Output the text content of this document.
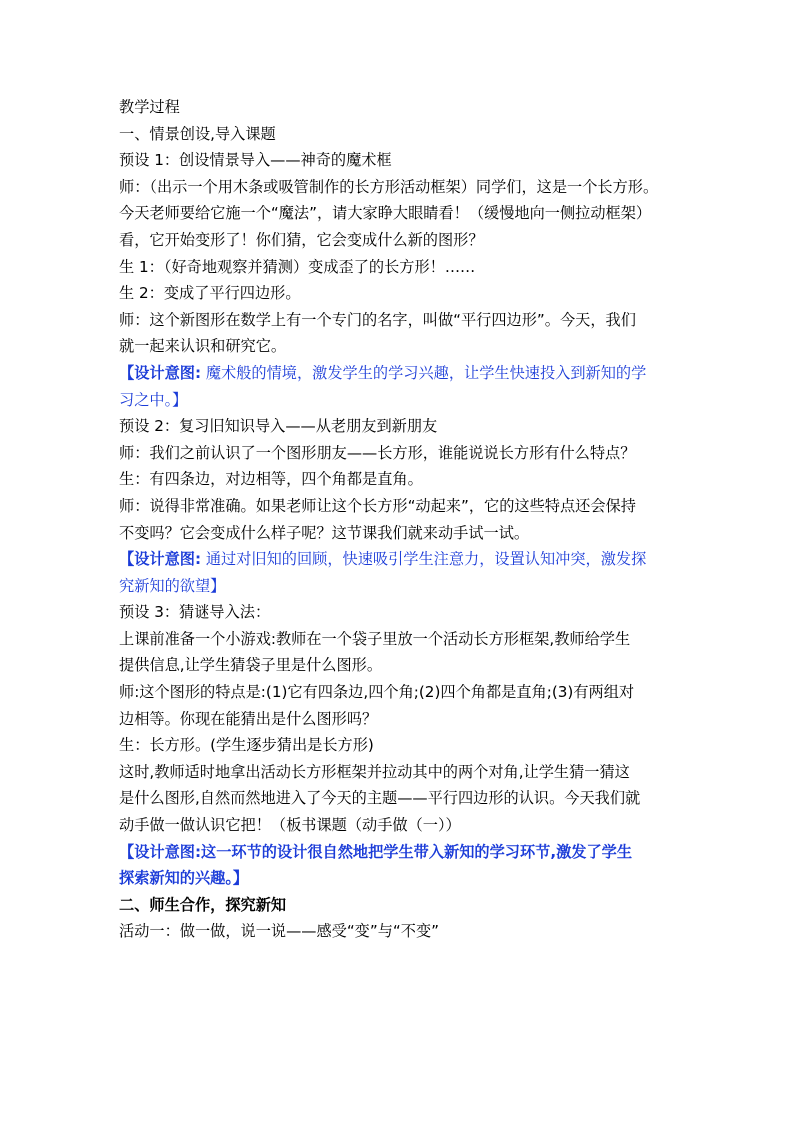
教学过程
一、情景创设,导入课题
预设 1：创设情景导入——神奇的魔术框
师：（出示一个用木条或吸管制作的长方形活动框架）同学们，这是一个长方形。
今天老师要给它施一个“魔法”，请大家睁大眼睛看！（缓慢地向一侧拉动框架）
看，它开始变形了！你们猜，它会变成什么新的图形？
生 1：（好奇地观察并猜测）变成歪了的长方形！……
生 2：变成了平行四边形。
师：这个新图形在数学上有一个专门的名字，叫做“平行四边形”。今天，我们
就一起来认识和研究它。
【设计意图: 魔术般的情境，激发学生的学习兴趣，让学生快速投入到新知的学
习之中。】
预设 2：复习旧知识导入——从老朋友到新朋友
师：我们之前认识了一个图形朋友——长方形，谁能说说长方形有什么特点？
生：有四条边，对边相等，四个角都是直角。
师：说得非常准确。如果老师让这个长方形“动起来”，它的这些特点还会保持
不变吗？它会变成什么样子呢？这节课我们就来动手试一试。
【设计意图: 通过对旧知的回顾，快速吸引学生注意力，设置认知冲突，激发探
究新知的欲望】
预设 3：猜谜导入法：
上课前准备一个小游戏:教师在一个袋子里放一个活动长方形框架,教师给学生
提供信息,让学生猜袋子里是什么图形。
师:这个图形的特点是:(1)它有四条边,四个角;(2)四个角都是直角;(3)有两组对
边相等。你现在能猜出是什么图形吗？
生：长方形。(学生逐步猜出是长方形)
这时,教师适时地拿出活动长方形框架并拉动其中的两个对角,让学生猜一猜这
是什么图形,自然而然地进入了今天的主题——平行四边形的认识。今天我们就
动手做一做认识它把！（板书课题（动手做（一））
【设计意图:这一环节的设计很自然地把学生带入新知的学习环节,激发了学生
探索新知的兴趣。】
二、师生合作，探究新知
活动一：做一做，说一说——感受“变”与“不变”
